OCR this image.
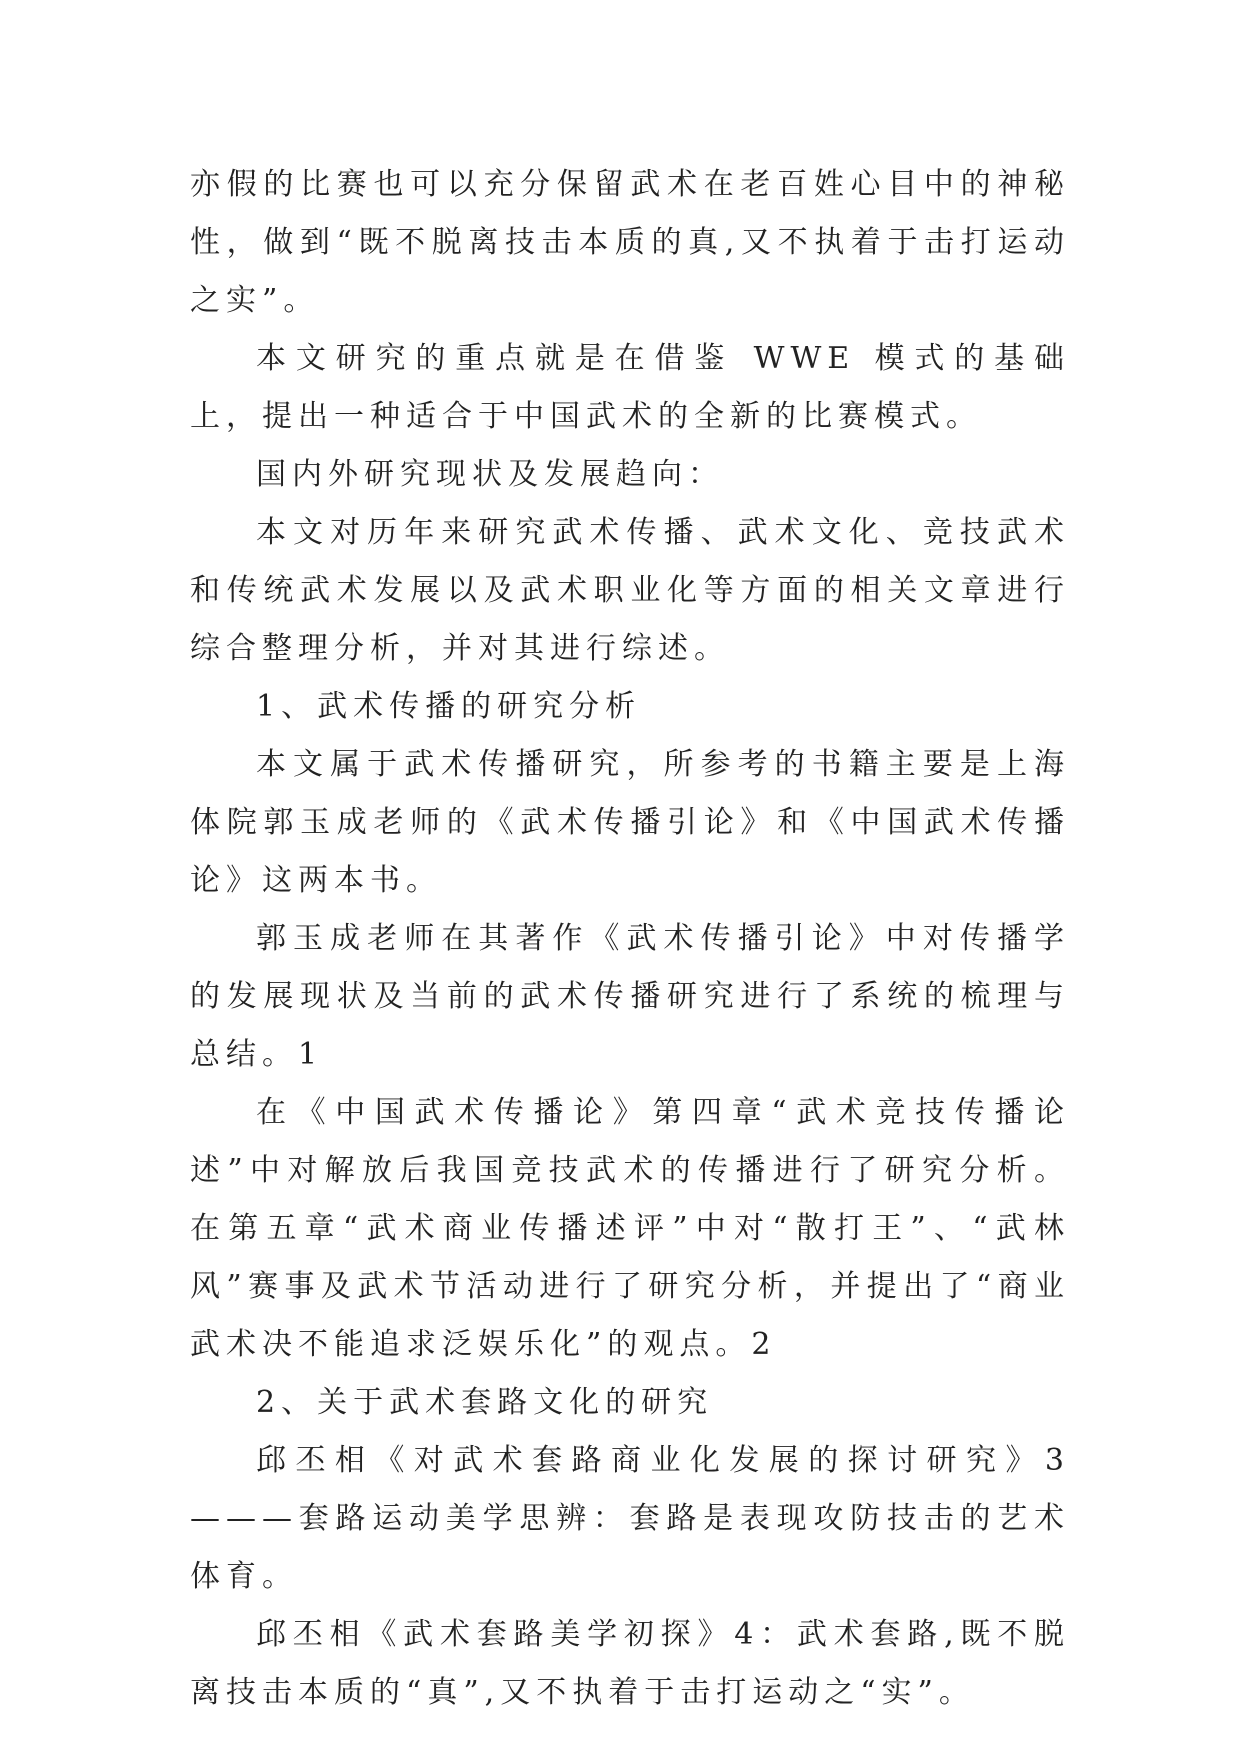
亦假的比赛也可以充分保留武术在老百姓心目中的神秘性，做到“既不脱离技击本质的真,又不执着于击打运动之实”。

本文研究的重点就是在借鉴 WWE 模式的基础上，提出一种适合于中国武术的全新的比赛模式。

国内外研究现状及发展趋向：

本文对历年来研究武术传播、武术文化、竞技武术和传统武术发展以及武术职业化等方面的相关文章进行综合整理分析，并对其进行综述。

1、武术传播的研究分析

本文属于武术传播研究，所参考的书籍主要是上海体院郭玉成老师的《武术传播引论》和《中国武术传播论》这两本书。

郭玉成老师在其著作《武术传播引论》中对传播学的发展现状及当前的武术传播研究进行了系统的梳理与总结。1

在《中国武术传播论》第四章“武术竞技传播论述”中对解放后我国竞技武术的传播进行了研究分析。在第五章“武术商业传播述评”中对“散打王”、“武林风”赛事及武术节活动进行了研究分析，并提出了“商业武术决不能追求泛娱乐化”的观点。2

2、关于武术套路文化的研究

邱丕相《对武术套路商业化发展的探讨研究》3———套路运动美学思辨：套路是表现攻防技击的艺术体育。

邱丕相《武术套路美学初探》4：武术套路,既不脱离技击本质的“真”,又不执着于击打运动之“实”。
